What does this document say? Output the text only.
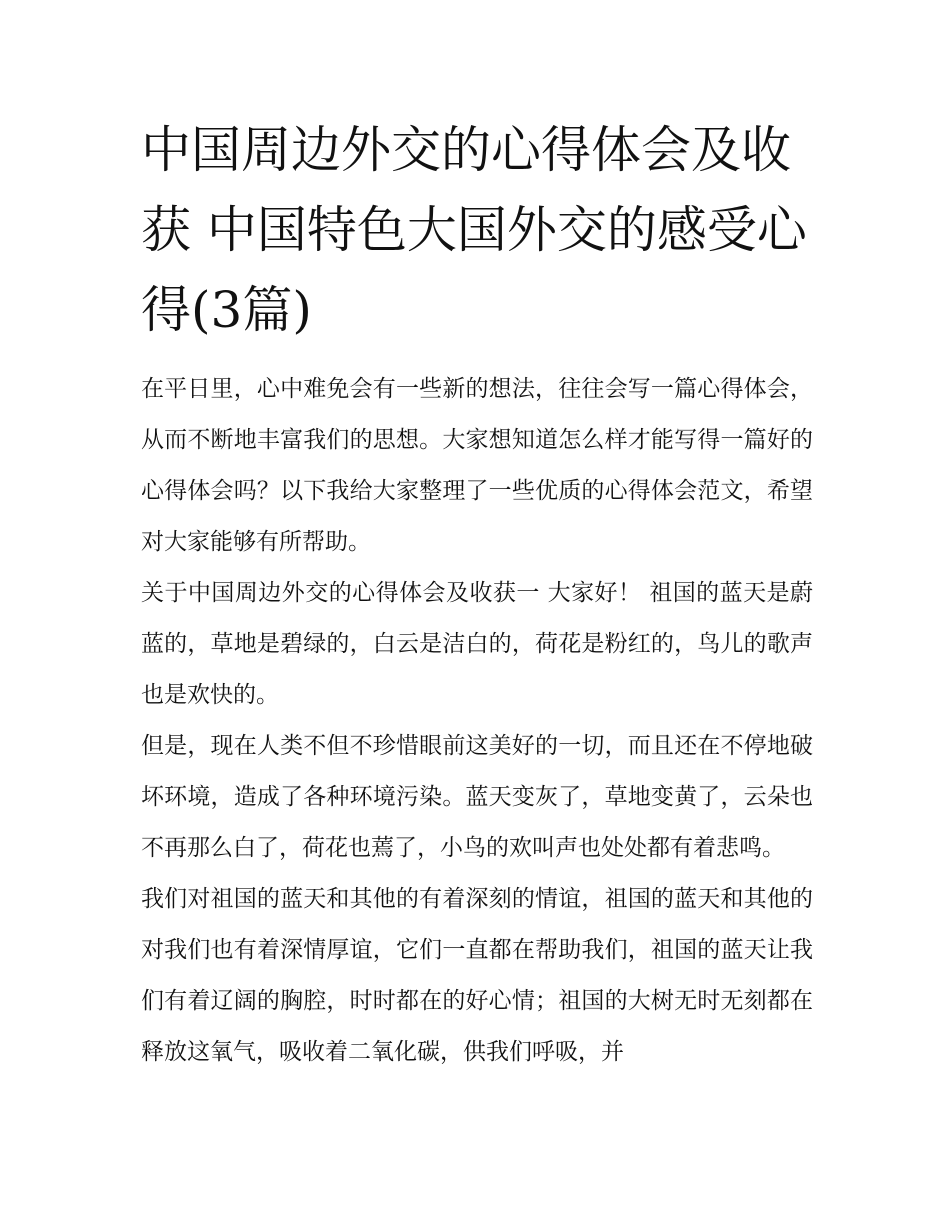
中国周边外交的心得体会及收获 中国特色大国外交的感受心得(3篇)

在平日里，心中难免会有一些新的想法，往往会写一篇心得体会，从而不断地丰富我们的思想。大家想知道怎么样才能写得一篇好的心得体会吗？以下我给大家整理了一些优质的心得体会范文，希望对大家能够有所帮助。

关于中国周边外交的心得体会及收获一 大家好！ 祖国的蓝天是蔚蓝的，草地是碧绿的，白云是洁白的，荷花是粉红的，鸟儿的歌声也是欢快的。

但是，现在人类不但不珍惜眼前这美好的一切，而且还在不停地破坏环境，造成了各种环境污染。蓝天变灰了，草地变黄了，云朵也不再那么白了，荷花也蔫了，小鸟的欢叫声也处处都有着悲鸣。

我们对祖国的蓝天和其他的有着深刻的情谊，祖国的蓝天和其他的对我们也有着深情厚谊，它们一直都在帮助我们，祖国的蓝天让我们有着辽阔的胸腔，时时都在的好心情；祖国的大树无时无刻都在释放这氧气，吸收着二氧化碳，供我们呼吸，并
